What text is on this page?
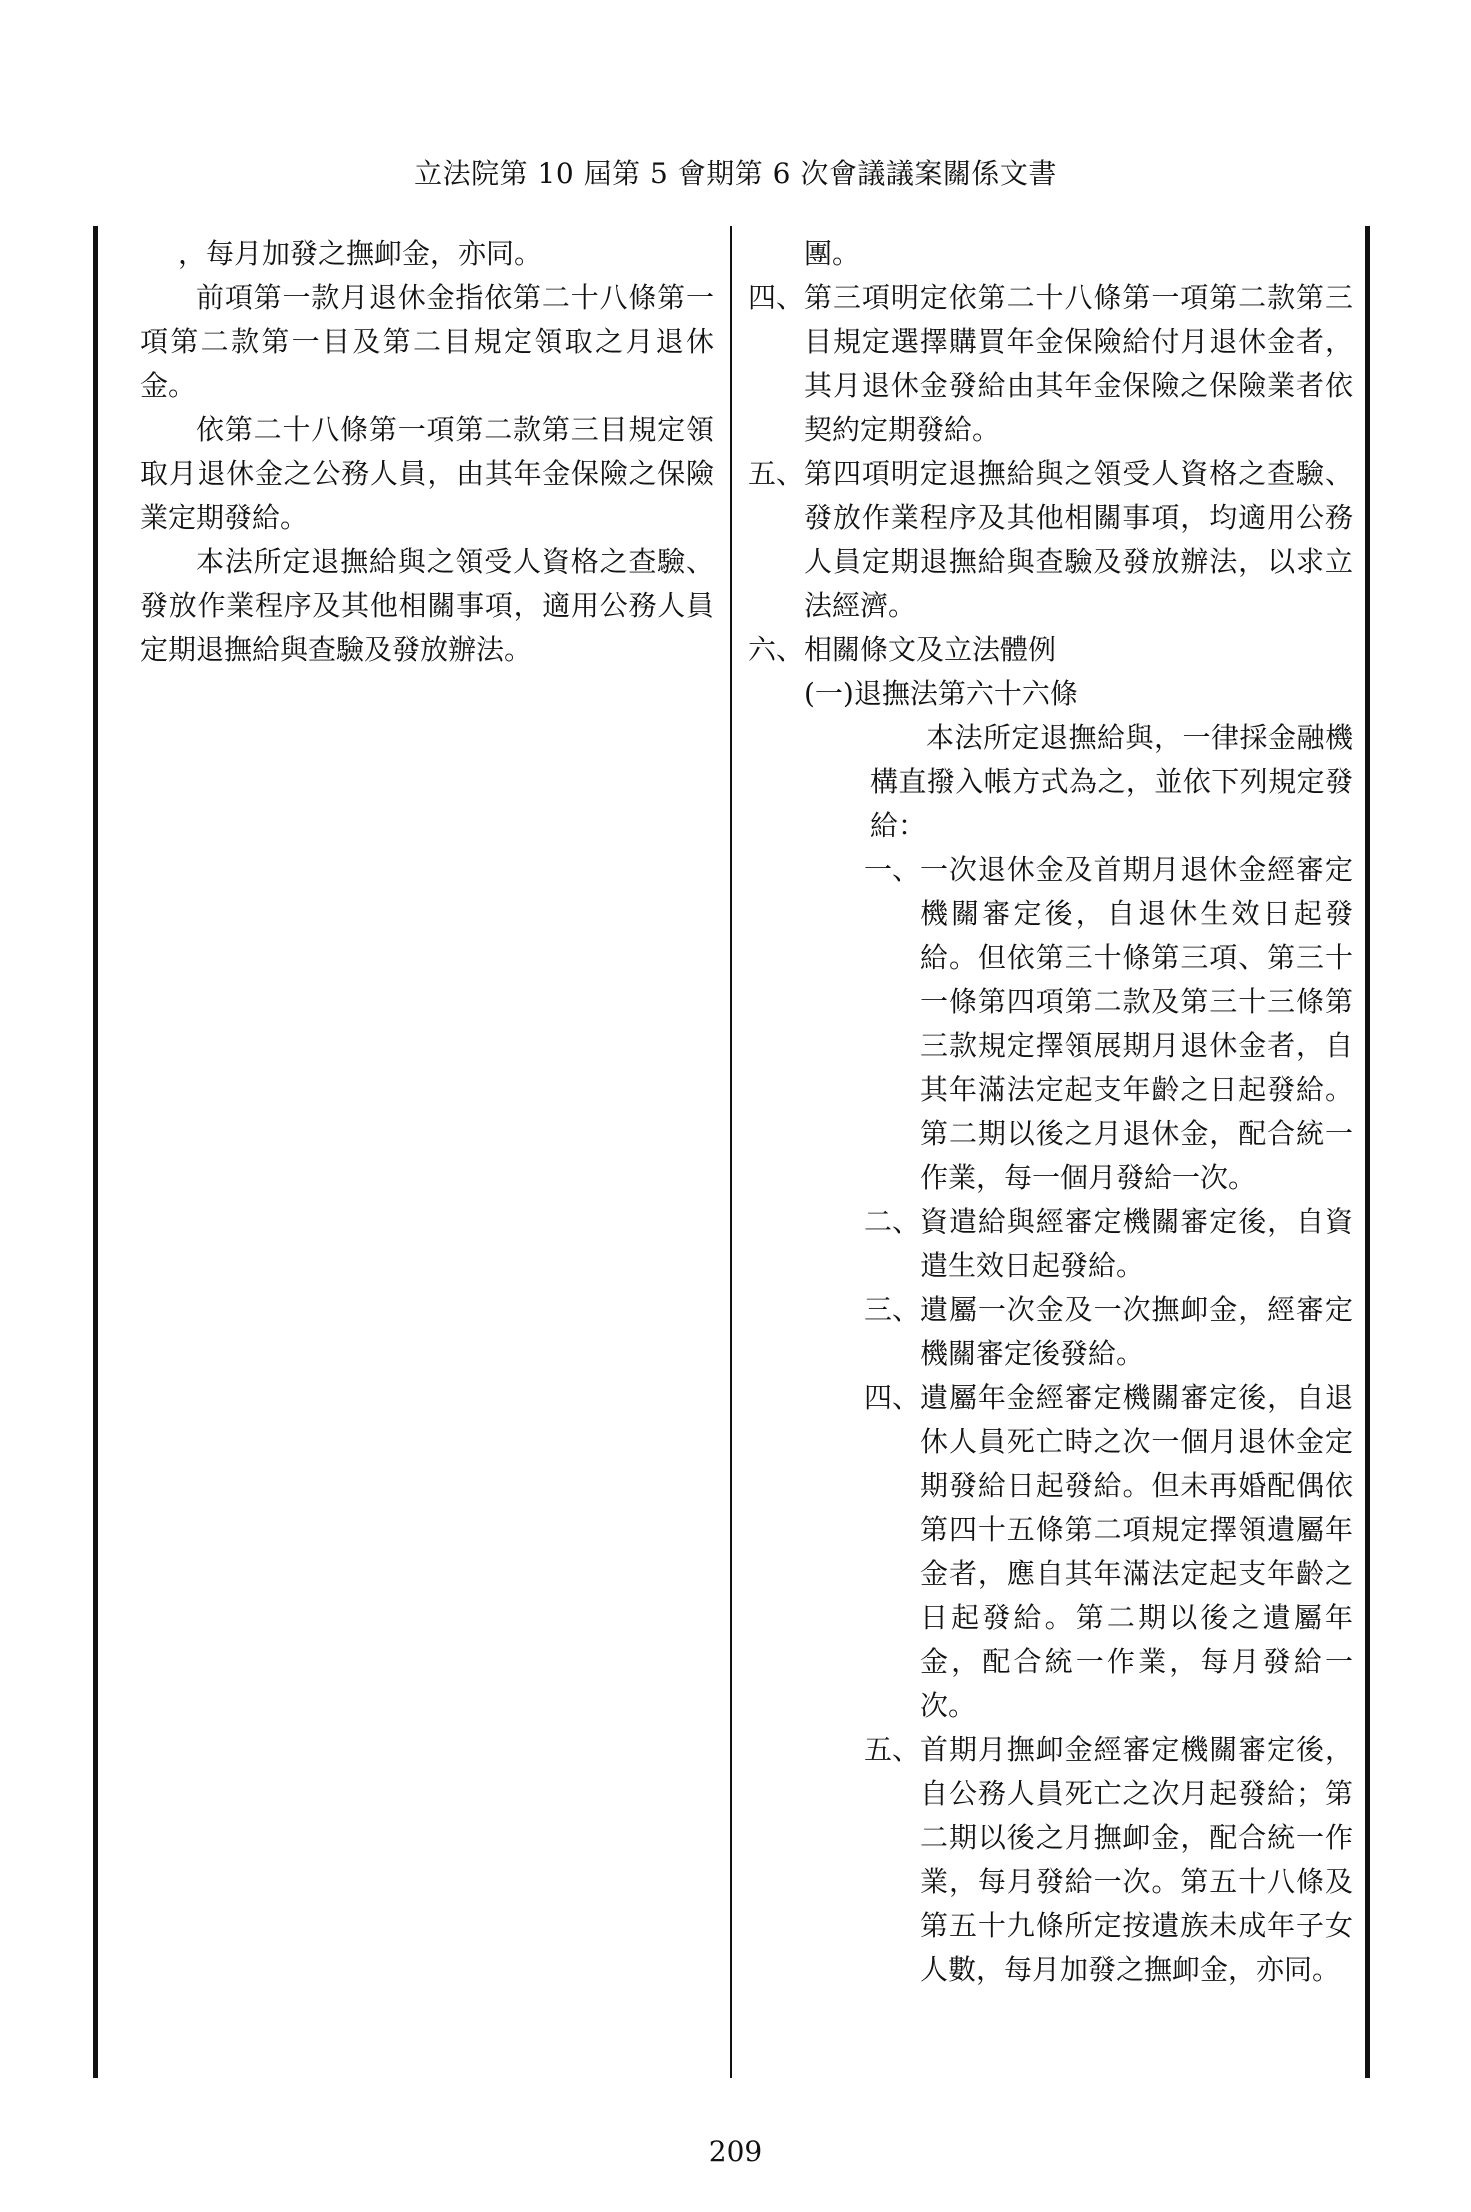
立法院第 10 屆第 5 會期第 6 次會議議案關係文書

，每月加發之撫卹金，亦同。

前項第一款月退休金指依第二十八條第一項第二款第一目及第二目規定領取之月退休金。

依第二十八條第一項第二款第三目規定領取月退休金之公務人員，由其年金保險之保險業定期發給。

本法所定退撫給與之領受人資格之查驗、發放作業程序及其他相關事項，適用公務人員定期退撫給與查驗及發放辦法。

團。

四、 第三項明定依第二十八條第一項第二款第三目規定選擇購買年金保險給付月退休金者，其月退休金發給由其年金保險之保險業者依契約定期發給。
五、 第四項明定退撫給與之領受人資格之查驗、發放作業程序及其他相關事項，均適用公務人員定期退撫給與查驗及發放辦法，以求立法經濟。
六、 相關條文及立法體例

(一)退撫法第六十六條

本法所定退撫給與，一律採金融機構直撥入帳方式為之，並依下列規定發給：

一、 一次退休金及首期月退休金經審定機關審定後，自退休生效日起發給。但依第三十條第三項、第三十一條第四項第二款及第三十三條第三款規定擇領展期月退休金者，自其年滿法定起支年齡之日起發給。第二期以後之月退休金，配合統一作業，每一個月發給一次。
二、 資遣給與經審定機關審定後，自資遣生效日起發給。
三、 遺屬一次金及一次撫卹金，經審定機關審定後發給。
四、 遺屬年金經審定機關審定後，自退休人員死亡時之次一個月退休金定期發給日起發給。但未再婚配偶依第四十五條第二項規定擇領遺屬年金者，應自其年滿法定起支年齡之日起發給。第二期以後之遺屬年金，配合統一作業，每月發給一次。
五、 首期月撫卹金經審定機關審定後，自公務人員死亡之次月起發給；第二期以後之月撫卹金，配合統一作業，每月發給一次。第五十八條及第五十九條所定按遺族未成年子女人數，每月加發之撫卹金，亦同。
209
